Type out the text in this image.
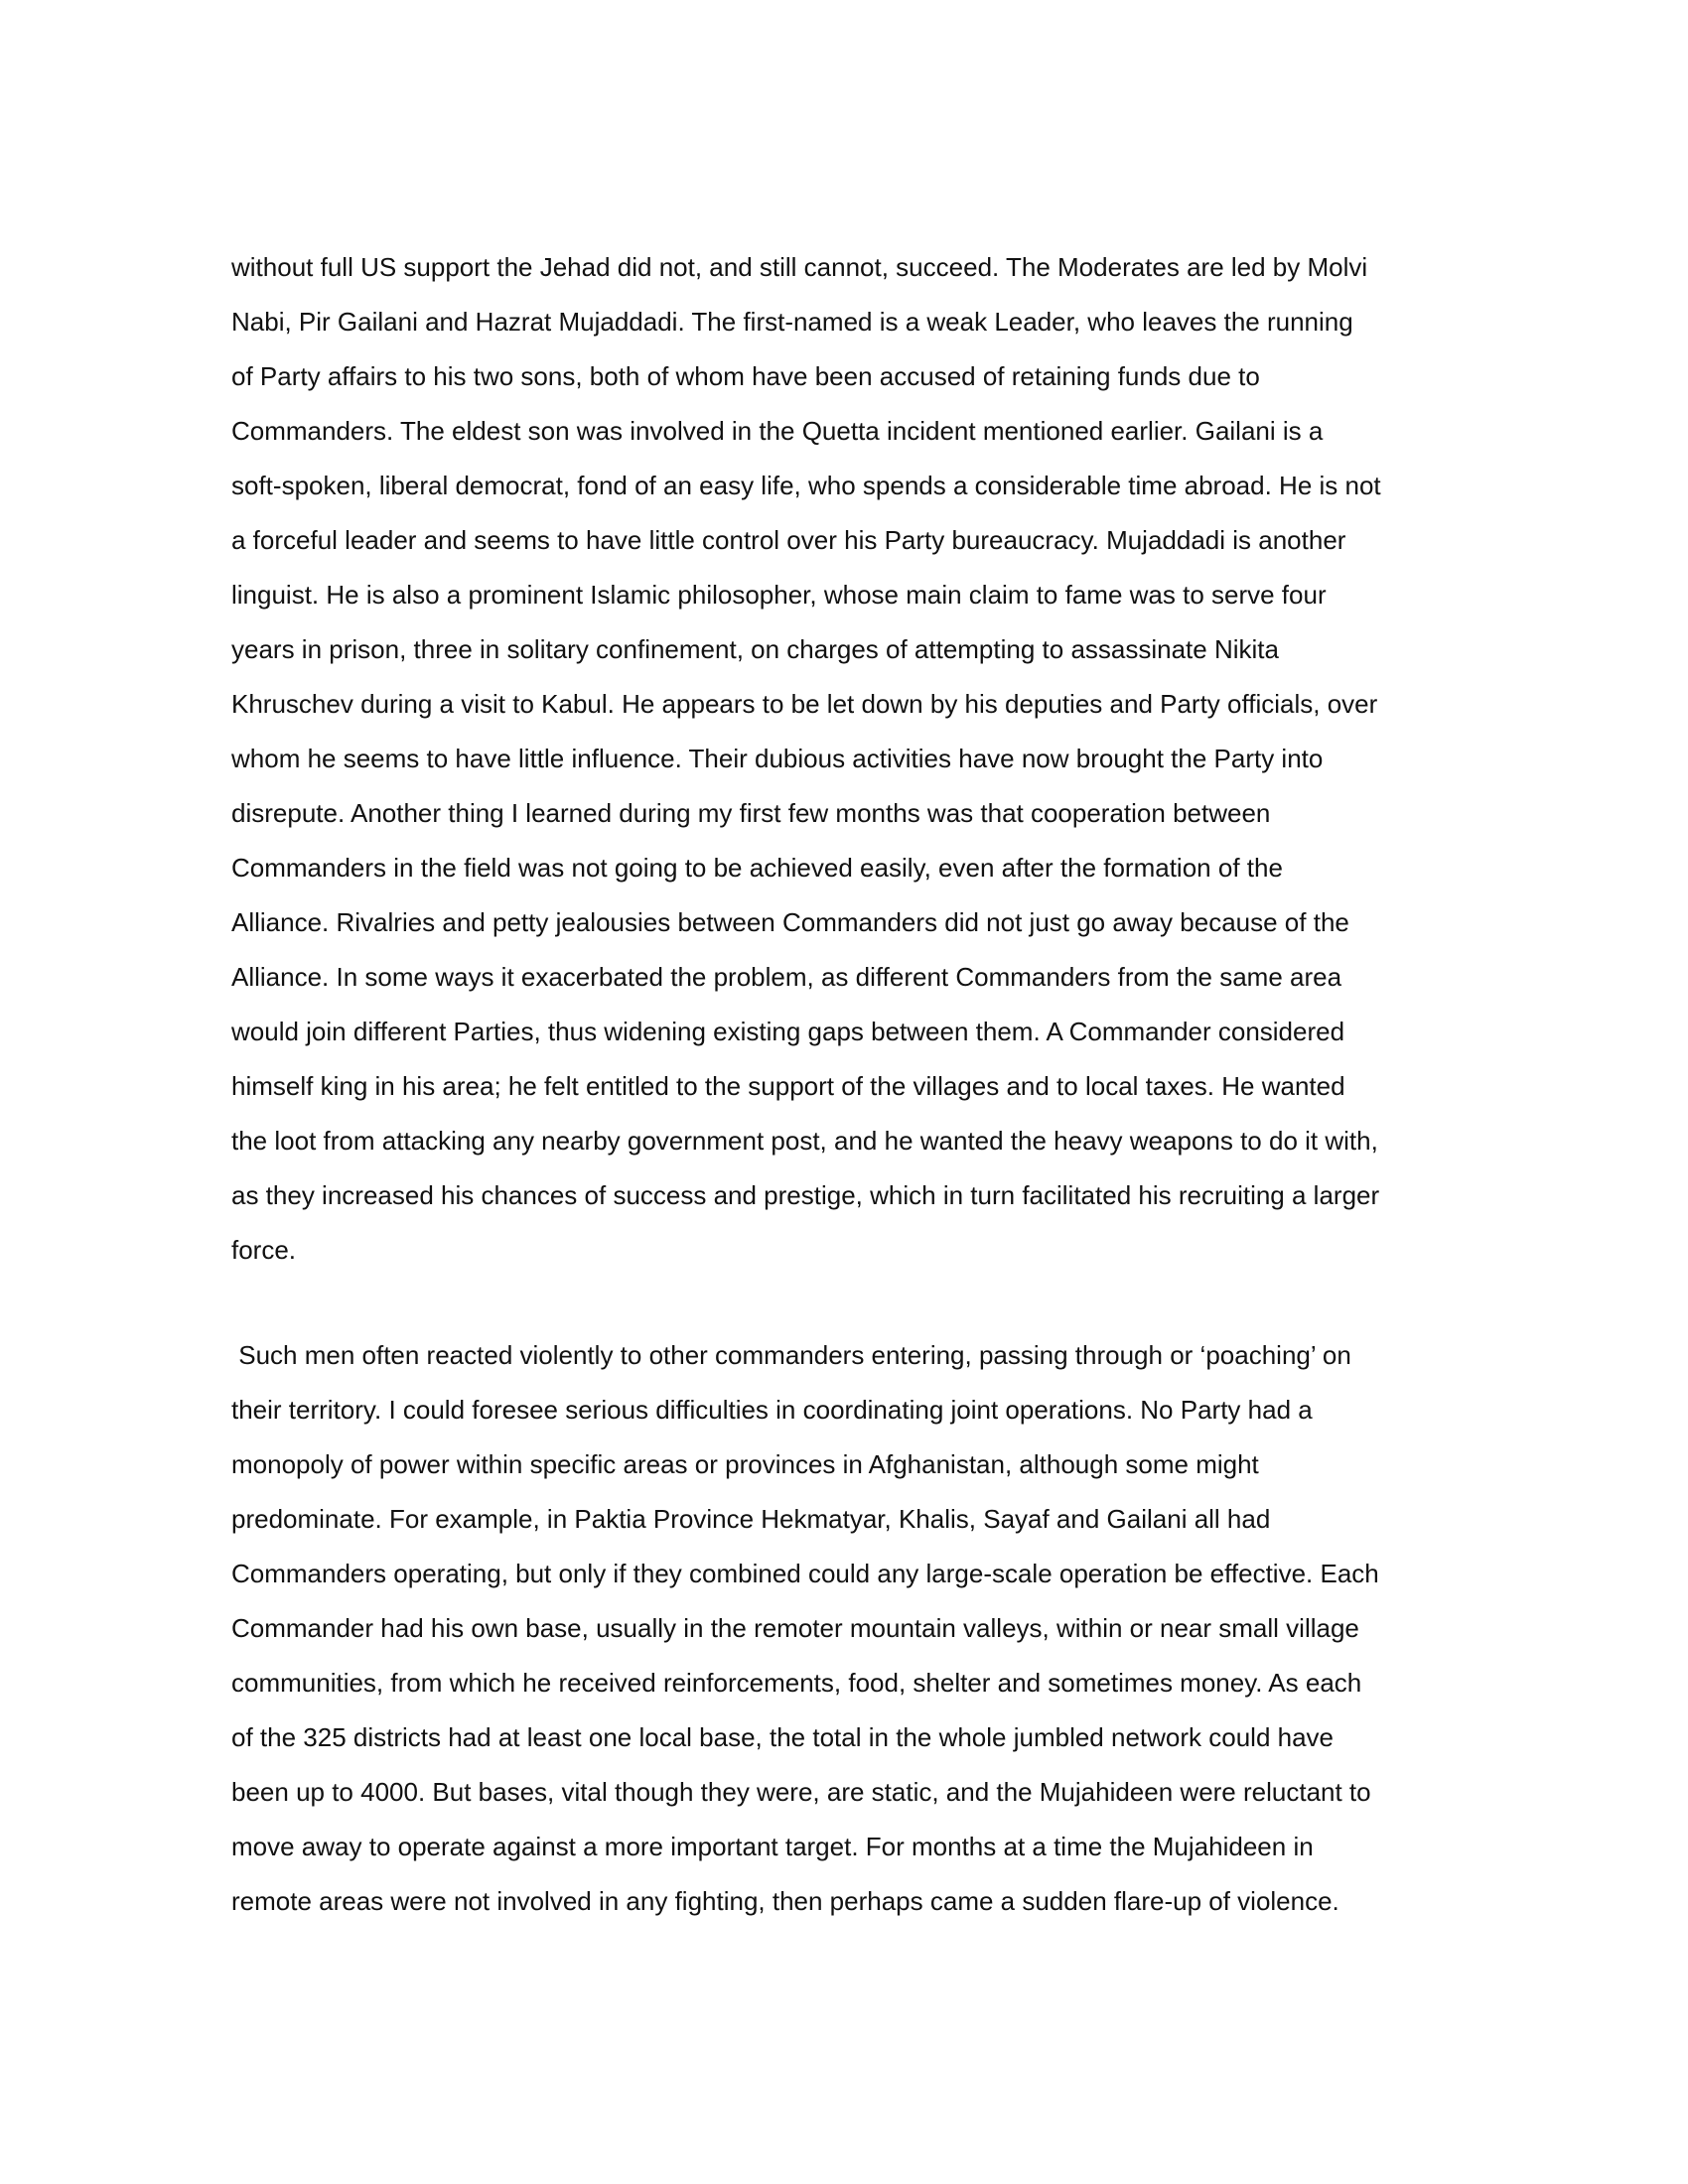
without full US support the Jehad did not, and still cannot, succeed. The Moderates are led by Molvi
Nabi, Pir Gailani and Hazrat Mujaddadi. The first-named is a weak Leader, who leaves the running
of Party affairs to his two sons, both of whom have been accused of retaining funds due to
Commanders. The eldest son was involved in the Quetta incident mentioned earlier. Gailani is a
soft-spoken, liberal democrat, fond of an easy life, who spends a considerable time abroad. He is not
a forceful leader and seems to have little control over his Party bureaucracy. Mujaddadi is another
linguist. He is also a prominent Islamic philosopher, whose main claim to fame was to serve four
years in prison, three in solitary confinement, on charges of attempting to assassinate Nikita
Khruschev during a visit to Kabul. He appears to be let down by his deputies and Party officials, over
whom he seems to have little influence. Their dubious activities have now brought the Party into
disrepute. Another thing I learned during my first few months was that cooperation between
Commanders in the field was not going to be achieved easily, even after the formation of the
Alliance. Rivalries and petty jealousies between Commanders did not just go away because of the
Alliance. In some ways it exacerbated the problem, as different Commanders from the same area
would join different Parties, thus widening existing gaps between them. A Commander considered
himself king in his area; he felt entitled to the support of the villages and to local taxes. He wanted
the loot from attacking any nearby government post, and he wanted the heavy weapons to do it with,
as they increased his chances of success and prestige, which in turn facilitated his recruiting a larger
force.
Such men often reacted violently to other commanders entering, passing through or ‘poaching’ on
their territory. I could foresee serious difficulties in coordinating joint operations. No Party had a
monopoly of power within specific areas or provinces in Afghanistan, although some might
predominate. For example, in Paktia Province Hekmatyar, Khalis, Sayaf and Gailani all had
Commanders operating, but only if they combined could any large-scale operation be effective. Each
Commander had his own base, usually in the remoter mountain valleys, within or near small village
communities, from which he received reinforcements, food, shelter and sometimes money. As each
of the 325 districts had at least one local base, the total in the whole jumbled network could have
been up to 4000. But bases, vital though they were, are static, and the Mujahideen were reluctant to
move away to operate against a more important target. For months at a time the Mujahideen in
remote areas were not involved in any fighting, then perhaps came a sudden flare-up of violence.
